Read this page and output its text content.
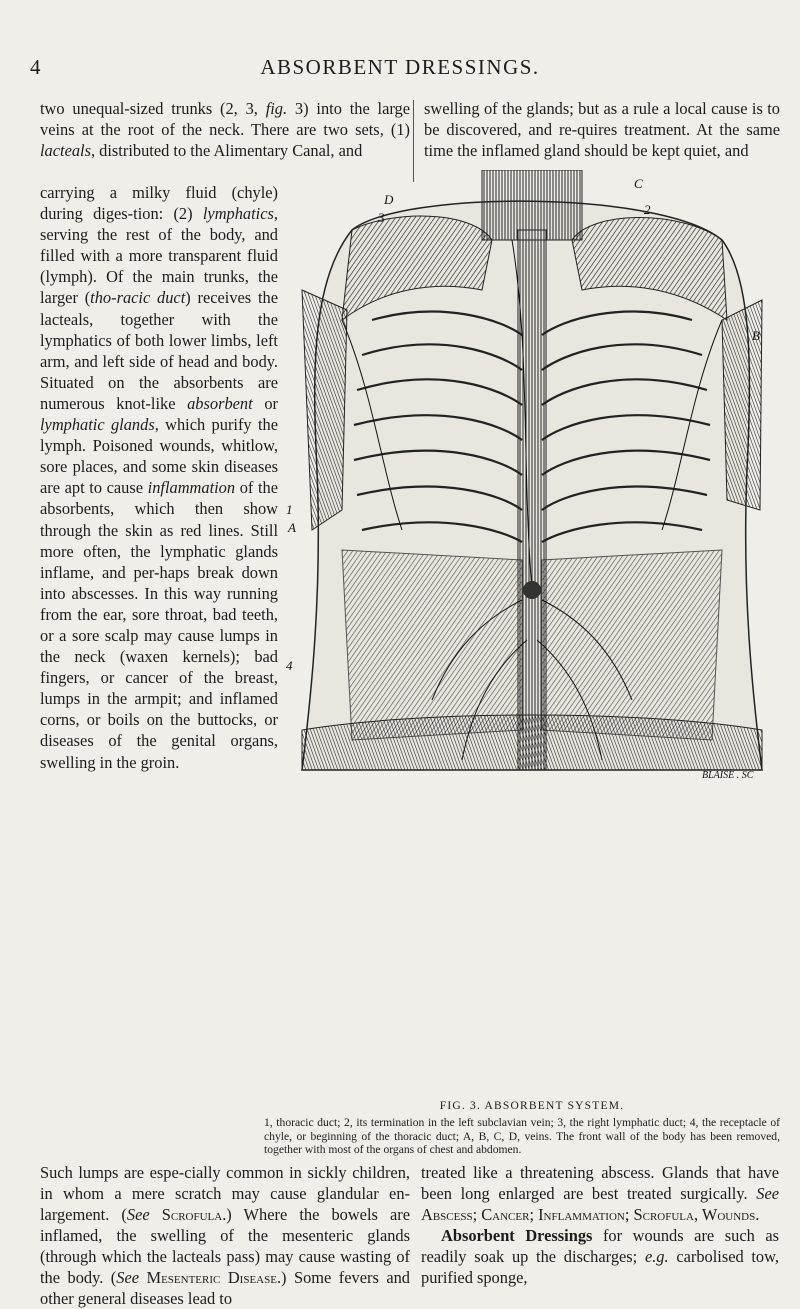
4	ABSORBENT DRESSINGS.

two unequal-sized trunks (2, 3, fig. 3) into the large veins at the root of the neck. There are two sets, (1) lacteals, distributed to the Alimentary Canal, and

swelling of the glands; but as a rule a local cause is to be discovered, and re-quires treatment. At the same time the inflamed gland should be kept quiet, and

carrying a milky fluid (chyle) during diges-tion: (2) lymphatics, serving the rest of the body, and filled with a more transparent fluid (lymph). Of the main trunks, the larger (tho-racic duct) receives the lacteals, together with the lymphatics of both lower limbs, left arm, and left side of head and body. Situated on the absorbents are numerous knot-like absorbent or lymphatic glands, which purify the lymph. Poisoned wounds, whitlow, sore places, and some skin diseases are apt to cause inflammation of the absorbents, which then show through the skin as red lines. Still more often, the lymphatic glands inflame, and per-haps break down into abscesses. In this way running from the ear, sore throat, bad teeth, or a sore scalp may cause lumps in the neck (waxen kernels); bad fingers, or cancer of the breast, lumps in the armpit; and inflamed corns, or boils on the buttocks, or diseases of the genital organs, swelling in the groin.

C
2
D
3
B
1
A
4
BLAISE . SC
FIG. 3. ABSORBENT SYSTEM.
1, thoracic duct; 2, its termination in the left subclavian vein; 3, the right lymphatic duct; 4, the receptacle of chyle, or beginning of the thoracic duct; A, B, C, D, veins. The front wall of the body has been removed, together with most of the organs of chest and abdomen.

Such lumps are espe-cially common in sickly children, in whom a mere scratch may cause glandular en-largement. (See Scrofula.) Where the bowels are inflamed, the swelling of the mesenteric glands (through which the lacteals pass) may cause wasting of the body. (See Mesenteric Disease.) Some fevers and other general diseases lead to

treated like a threatening abscess. Glands that have been long enlarged are best treated surgically. See Abscess; Cancer; Inflammation; Scrofula, Wounds.

Absorbent Dressings for wounds are such as readily soak up the discharges; e.g. carbolised tow, purified sponge,
